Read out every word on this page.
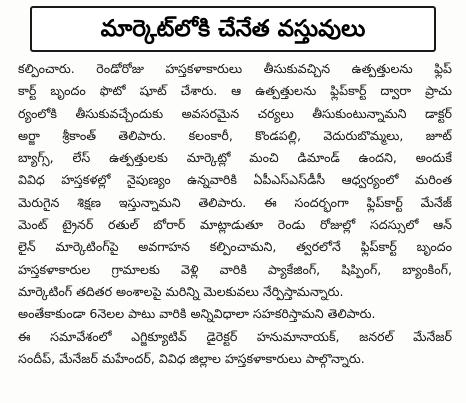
మార్కెట్‌లోకి చేనేత వస్తువులు
కల్పించారు. రెండోరోజు హస్తకళాకారులు తీసుకువచ్చిన ఉత్పత్తులను ఫ్లిప్‌
కార్ట్ బృందం ఫొటో షూట్ చేశారు. ఆ ఉత్పత్తులను ఫ్లిప్‌కార్ట్ ద్వారా ప్రాచు
ర్యంలోకి తీసుకువచ్చేందుకు అవసరమైన చర్యలు తీసుకుంటున్నామని డాక్టర్‌
అర్జా శ్రీకాంత్ తెలిపారు. కలంకారీ, కొండపల్లి, వెదురుబొమ్మలు, జూట్‌
బ్యాగ్స్, లేస్ ఉత్పత్తులకు మార్కెట్లో మంచి డిమాండ్ ఉందని, అందుకే
వివిధ హస్తకళల్లో నైపుణ్యం ఉన్నవారికి ఏపీఎస్‌ఎస్‌డీసీ ఆధ్వర్యంలో మరింత
మెరుగైన శిక్షణ ఇస్తున్నామని తెలిపారు. ఈ సందర్భంగా ఫ్లిప్‌కార్ట్ మేనేజ్‌
మెంట్ ట్రైనర్ రతుల్ బోరార్ మాట్లాడుతూ రెండు రోజుల్లో సదస్సులో ఆన్‌
లైన్ మార్కెటింగ్‌పై అవగాహన కల్పించామని, త్వరలోనే ఫ్లిప్‌కార్ట్ బృందం
హస్తకళాకారుల గ్రామాలకు వెళ్లి వారికి ప్యాకేజింగ్, షిప్పింగ్, బ్యాంకింగ్,
మార్కెటింగ్ తదితర అంశాలపై మరిన్ని మెలకువలు నేర్పిస్తామన్నారు.
అంతేకాకుండా 6నెలల పాటు వారికి అన్నివిధాలా సహకరిస్తామని తెలిపారు.
ఈ సమావేశంలో ఎగ్జిక్యూటివ్ డైరెక్టర్ హనుమానాయక్, జనరల్ మేనేజర్‌
సందీప్, మేనేజర్ మహేందర్, వివిధ జిల్లాల హస్తకళాకారులు పాల్గొన్నారు.
